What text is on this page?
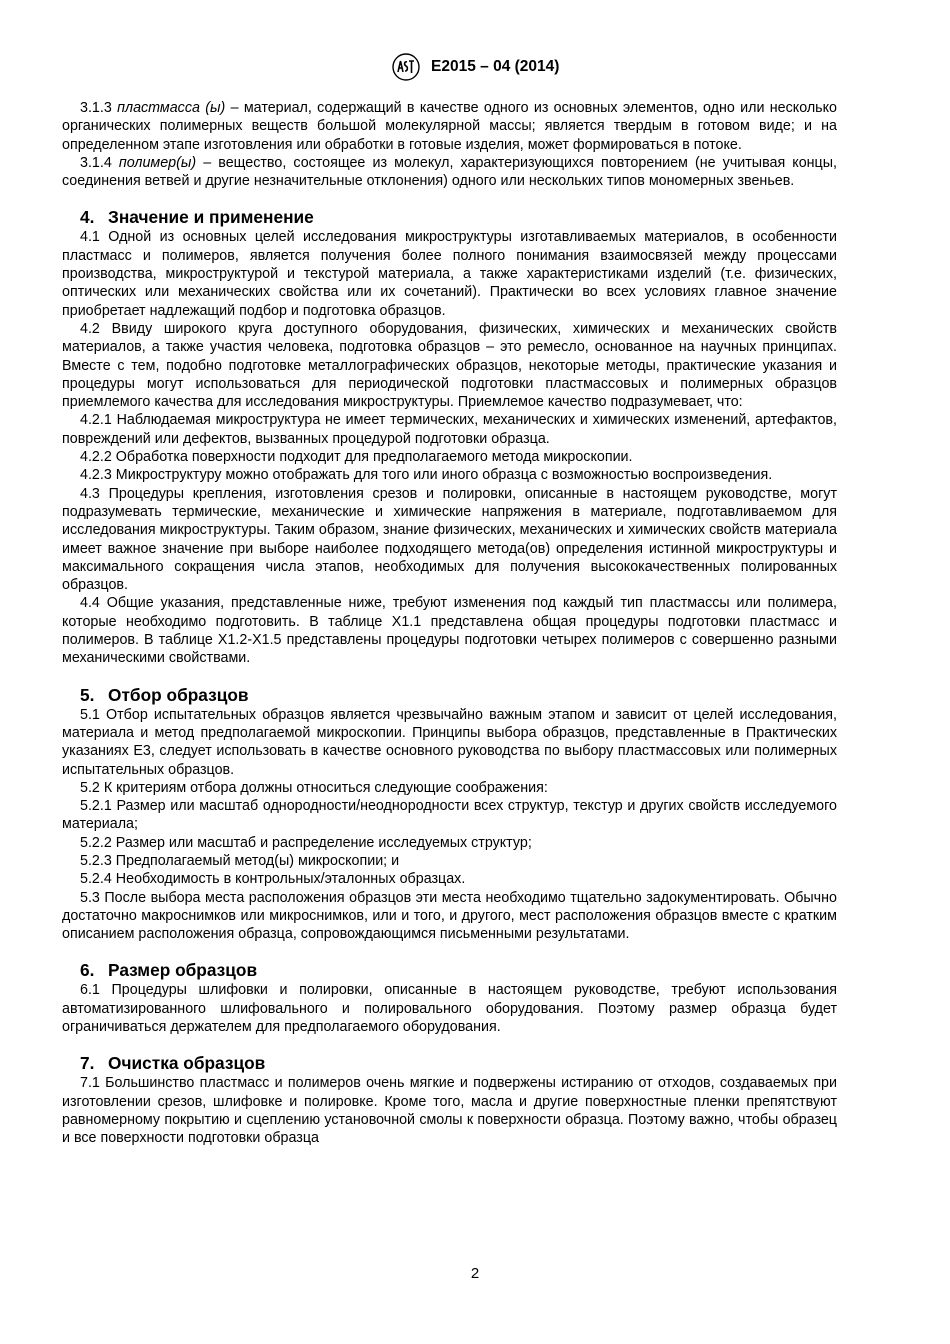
E2015 – 04 (2014)

3.1.3 пластмасса (ы) – материал, содержащий в качестве одного из основных элементов, одно или несколько органических полимерных веществ большой молекулярной массы; является твердым в готовом виде; и на определенном этапе изготовления или обработки в готовые изделия, может формироваться в потоке.

3.1.4 полимер(ы) – вещество, состоящее из молекул, характеризующихся повторением (не учитывая концы, соединения ветвей и другие незначительные отклонения) одного или нескольких типов мономерных звеньев.

4. Значение и применение

4.1 Одной из основных целей исследования микроструктуры изготавливаемых материалов, в особенности пластмасс и полимеров, является получения более полного понимания взаимосвязей между процессами производства, микроструктурой и текстурой материала, а также характеристиками изделий (т.е. физических, оптических или механических свойства или их сочетаний). Практически во всех условиях главное значение приобретает надлежащий подбор и подготовка образцов.

4.2 Ввиду широкого круга доступного оборудования, физических, химических и механических свойств материалов, а также участия человека, подготовка образцов – это ремесло, основанное на научных принципах. Вместе с тем, подобно подготовке металлографических образцов, некоторые методы, практические указания и процедуры могут использоваться для периодической подготовки пластмассовых и полимерных образцов приемлемого качества для исследования микроструктуры. Приемлемое качество подразумевает, что:

4.2.1 Наблюдаемая микроструктура не имеет термических, механических и химических изменений, артефактов, повреждений или дефектов, вызванных процедурой подготовки образца.

4.2.2 Обработка поверхности подходит для предполагаемого метода микроскопии.

4.2.3 Микроструктуру можно отображать для того или иного образца с возможностью воспроизведения.

4.3 Процедуры крепления, изготовления срезов и полировки, описанные в настоящем руководстве, могут подразумевать термические, механические и химические напряжения в материале, подготавливаемом для исследования микроструктуры. Таким образом, знание физических, механических и химических свойств материала имеет важное значение при выборе наиболее подходящего метода(ов) определения истинной микроструктуры и максимального сокращения числа этапов, необходимых для получения высококачественных полированных образцов.

4.4 Общие указания, представленные ниже, требуют изменения под каждый тип пластмассы или полимера, которые необходимо подготовить. В таблице X1.1 представлена общая процедуры подготовки пластмасс и полимеров. В таблице X1.2-X1.5 представлены процедуры подготовки четырех полимеров с совершенно разными механическими свойствами.

5. Отбор образцов

5.1 Отбор испытательных образцов является чрезвычайно важным этапом и зависит от целей исследования, материала и метод предполагаемой микроскопии. Принципы выбора образцов, представленные в Практических указаниях E3, следует использовать в качестве основного руководства по выбору пластмассовых или полимерных испытательных образцов.

5.2 К критериям отбора должны относиться следующие соображения:

5.2.1 Размер или масштаб однородности/неоднородности всех структур, текстур и других свойств исследуемого материала;

5.2.2 Размер или масштаб и распределение исследуемых структур;

5.2.3 Предполагаемый метод(ы) микроскопии; и

5.2.4 Необходимость в контрольных/эталонных образцах.

5.3 После выбора места расположения образцов эти места необходимо тщательно задокументировать. Обычно достаточно макроснимков или микроснимков, или и того, и другого, мест расположения образцов вместе с кратким описанием расположения образца, сопровождающимся письменными результатами.

6. Размер образцов

6.1 Процедуры шлифовки и полировки, описанные в настоящем руководстве, требуют использования автоматизированного шлифовального и полировального оборудования. Поэтому размер образца будет ограничиваться держателем для предполагаемого оборудования.

7. Очистка образцов

7.1 Большинство пластмасс и полимеров очень мягкие и подвержены истиранию от отходов, создаваемых при изготовлении срезов, шлифовке и полировке. Кроме того, масла и другие поверхностные пленки препятствуют равномерному покрытию и сцеплению установочной смолы к поверхности образца. Поэтому важно, чтобы образец и все поверхности подготовки образца

2
